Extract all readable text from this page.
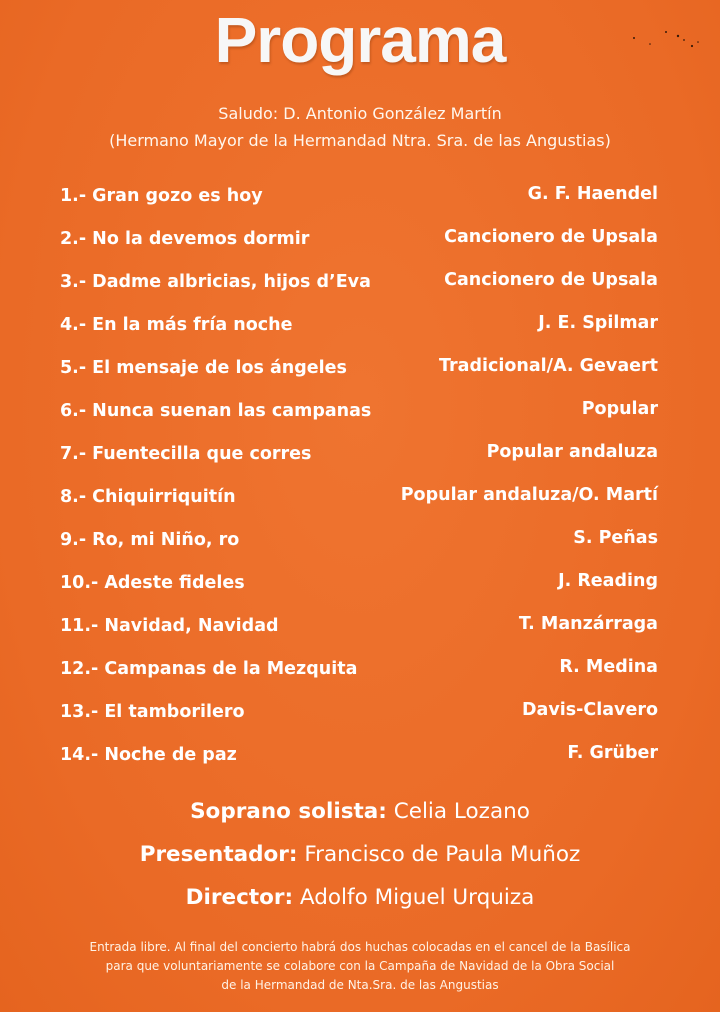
Programa
Saludo: D. Antonio González Martín
(Hermano Mayor de la Hermandad Ntra. Sra. de las Angustias)
1.- Gran gozo es hoy	G. F. Haendel
2.- No la devemos dormir	Cancionero de Upsala
3.- Dadme albricias, hijos d’Eva	Cancionero de Upsala
4.- En la más fría noche	J. E. Spilmar
5.- El mensaje de los ángeles	Tradicional/A. Gevaert
6.- Nunca suenan las campanas	Popular
7.- Fuentecilla que corres	Popular andaluza
8.- Chiquirriquitín	Popular andaluza/O. Martí
9.- Ro, mi Niño, ro	S. Peñas
10.- Adeste fideles	J. Reading
11.- Navidad, Navidad	T. Manzárraga
12.- Campanas de la Mezquita	R. Medina
13.- El tamborilero	Davis-Clavero
14.- Noche de paz	F. Grüber
Soprano solista: Celia Lozano
Presentador: Francisco de Paula Muñoz
Director: Adolfo Miguel Urquiza
Entrada libre. Al final del concierto habrá dos huchas colocadas en el cancel de la Basílica
para que voluntariamente se colabore con la Campaña de Navidad de la Obra Social
de la Hermandad de Nta.Sra. de las Angustias
